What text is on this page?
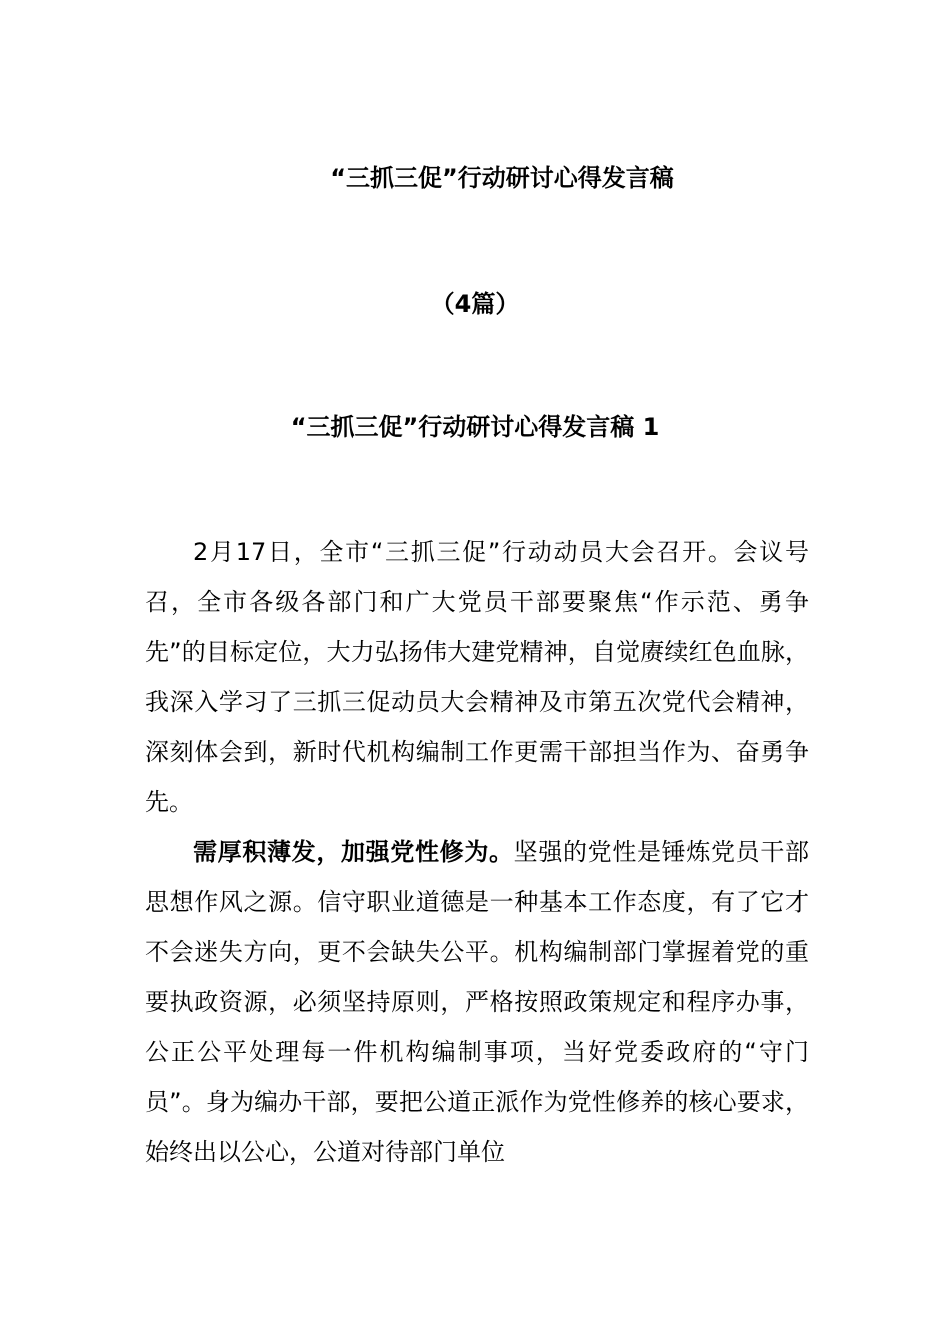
“三抓三促”行动研讨心得发言稿
（4篇）
“三抓三促”行动研讨心得发言稿 1
2月17日，全市“三抓三促”行动动员大会召开。会议号召，全市各级各部门和广大党员干部要聚焦“作示范、勇争先”的目标定位，大力弘扬伟大建党精神，自觉赓续红色血脉，我深入学习了三抓三促动员大会精神及市第五次党代会精神，深刻体会到，新时代机构编制工作更需干部担当作为、奋勇争先。
需厚积薄发，加强党性修为。坚强的党性是锤炼党员干部思想作风之源。信守职业道德是一种基本工作态度，有了它才不会迷失方向，更不会缺失公平。机构编制部门掌握着党的重要执政资源，必须坚持原则，严格按照政策规定和程序办事，公正公平处理每一件机构编制事项，当好党委政府的“守门员”。身为编办干部，要把公道正派作为党性修养的核心要求，始终出以公心，公道对待部门单位
